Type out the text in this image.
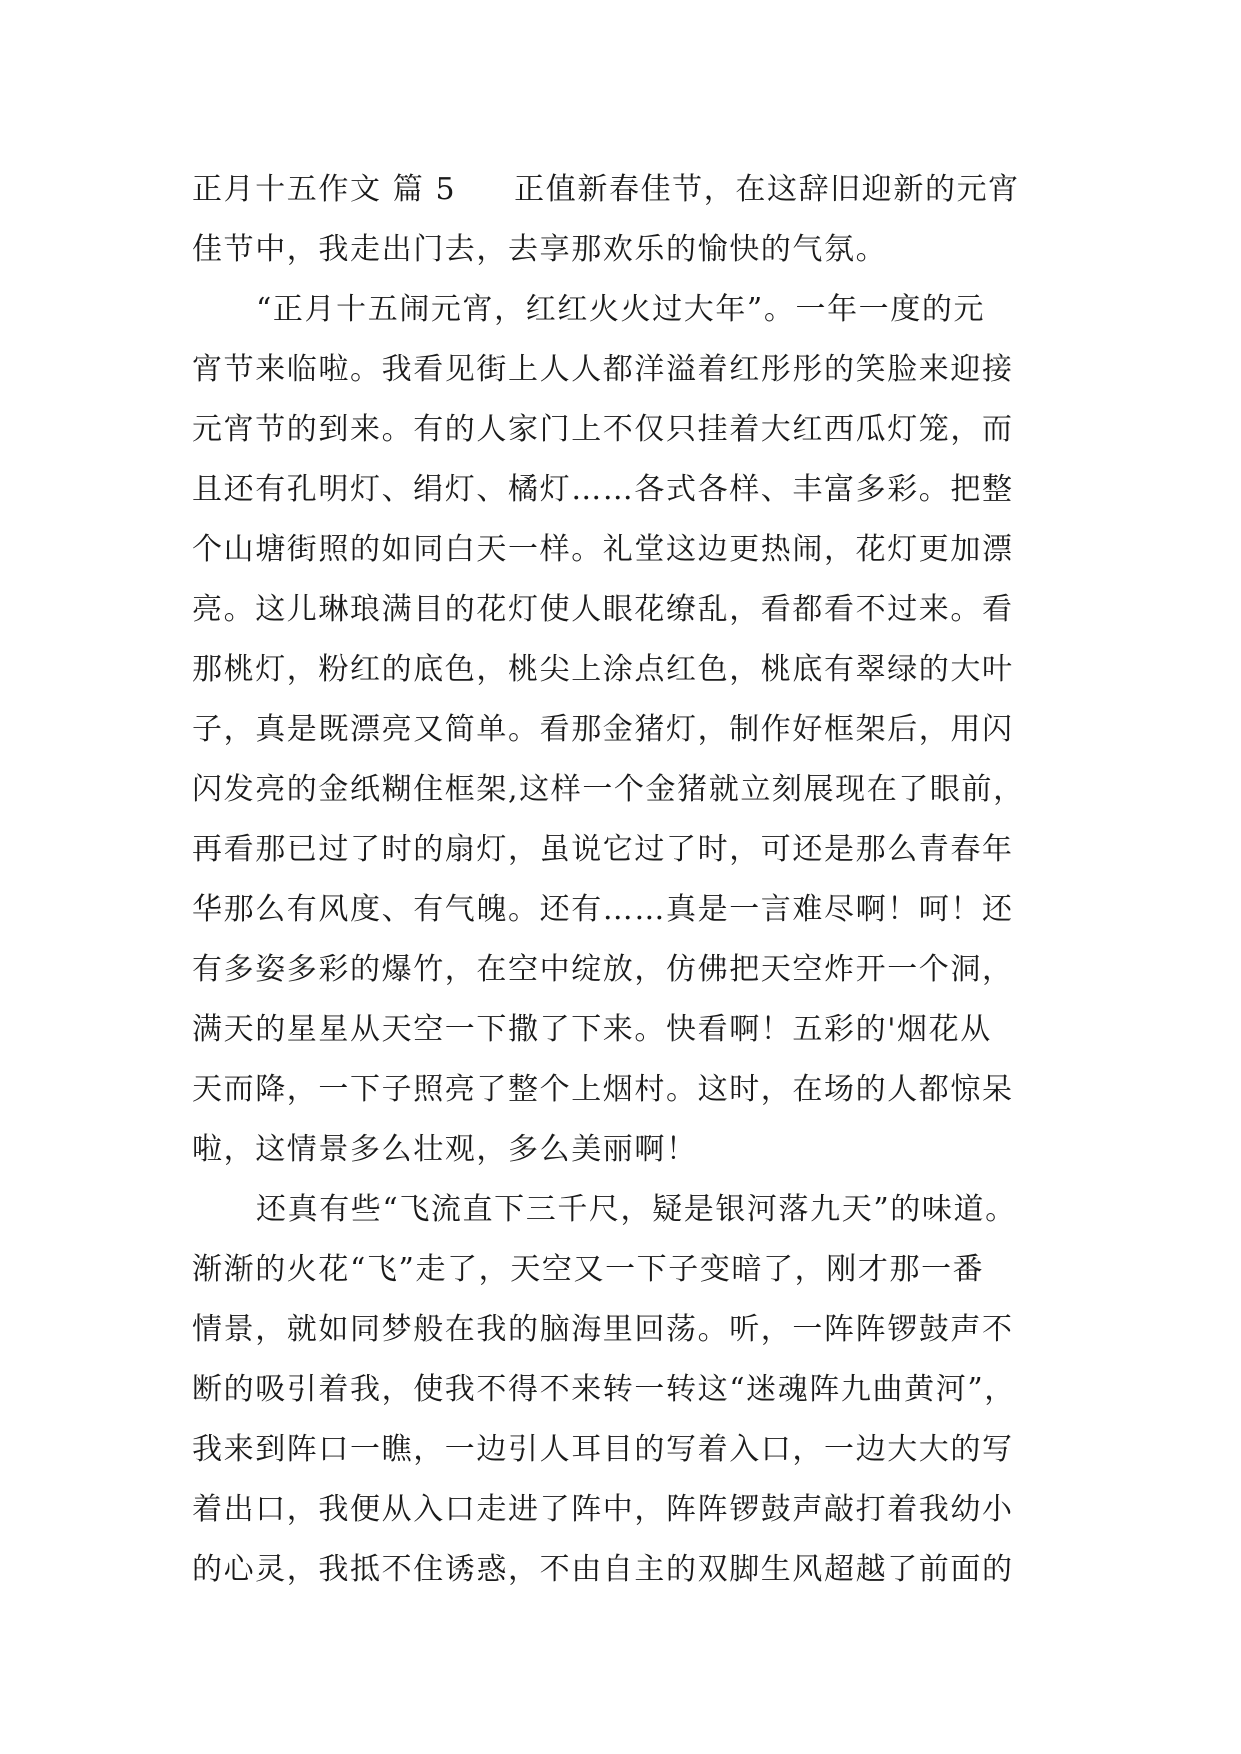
正月十五作文 篇 5 正值新春佳节，在这辞旧迎新的元宵
佳节中，我走出门去，去享那欢乐的愉快的气氛。
“正月十五闹元宵，红红火火过大年”。一年一度的元
宵节来临啦。我看见街上人人都洋溢着红彤彤的笑脸来迎接
元宵节的到来。有的人家门上不仅只挂着大红西瓜灯笼，而
且还有孔明灯、绢灯、橘灯……各式各样、丰富多彩。把整
个山塘街照的如同白天一样。礼堂这边更热闹，花灯更加漂
亮。这儿琳琅满目的花灯使人眼花缭乱，看都看不过来。看
那桃灯，粉红的底色，桃尖上涂点红色，桃底有翠绿的大叶
子，真是既漂亮又简单。看那金猪灯，制作好框架后，用闪
闪发亮的金纸糊住框架,这样一个金猪就立刻展现在了眼前，
再看那已过了时的扇灯，虽说它过了时，可还是那么青春年
华那么有风度、有气魄。还有……真是一言难尽啊！呵！还
有多姿多彩的爆竹，在空中绽放，仿佛把天空炸开一个洞，
满天的星星从天空一下撒了下来。快看啊！五彩的'烟花从
天而降，一下子照亮了整个上烟村。这时，在场的人都惊呆
啦，这情景多么壮观，多么美丽啊！
还真有些“飞流直下三千尺，疑是银河落九天”的味道。
渐渐的火花“飞”走了，天空又一下子变暗了，刚才那一番
情景，就如同梦般在我的脑海里回荡。听，一阵阵锣鼓声不
断的吸引着我，使我不得不来转一转这“迷魂阵九曲黄河”，
我来到阵口一瞧，一边引人耳目的写着入口，一边大大的写
着出口，我便从入口走进了阵中，阵阵锣鼓声敲打着我幼小
的心灵，我抵不住诱惑，不由自主的双脚生风超越了前面的
